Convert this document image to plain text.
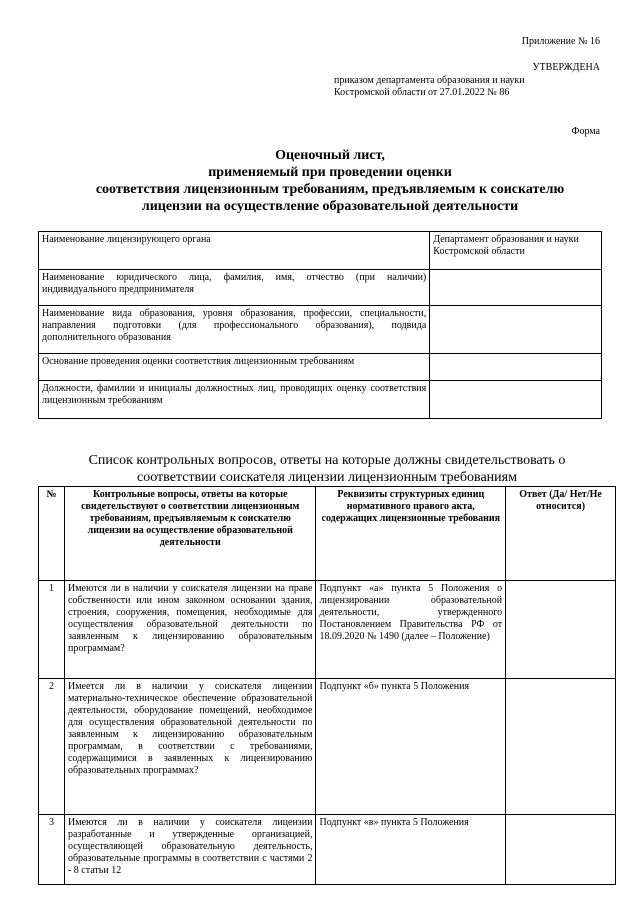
Приложение № 16
УТВЕРЖДЕНА
приказом департамента образования и науки
Костромской области от 27.01.2022 № 86
Форма
Оценочный лист,
применяемый при проведении оценки
соответствия лицензионным требованиям, предъявляемым к соискателю
лицензии на осуществление образовательной деятельности
Наименование лицензирующего органа	Департамент образования и науки Костромской области
Наименование юридического лица, фамилия, имя, отчество (при наличии) индивидуального предпринимателя	
Наименование вида образования, уровня образования, профессии, специальности, направления подготовки (для профессионального образования), подвида дополнительного образования	
Основание проведения оценки соответствия лицензионным требованиям	
Должности, фамилии и инициалы должностных лиц, проводящих оценку соответствия лицензионным требованиям	
Список контрольных вопросов, ответы на которые должны свидетельствовать о
соответствии соискателя лицензии лицензионным требованиям
№	Контрольные вопросы, ответы на которые свидетельствуют о соответствии лицензионным требованиям, предъявляемым к соискателю лицензии на осуществление образовательной деятельности	Реквизиты структурных единиц нормативного правого акта, содержащих лицензионные требования	Ответ (Да/ Нет/Не относится)
1	Имеются ли в наличии у соискателя лицензии на праве собственности или ином законном основании здания, строения, сооружения, помещения, необходимые для осуществления образовательной деятельности по заявленным к лицензированию образовательным программам?	Подпункт «а» пункта 5 Положения о лицензировании образовательной деятельности, утвержденного Постановлением Правительства РФ от 18.09.2020 № 1490 (далее – Положение)	
2	Имеется ли в наличии у соискателя лицензии материально-техническое обеспечение образовательной деятельности, оборудование помещений, необходимое для осуществления образовательной деятельности по заявленным к лицензированию образовательным программам, в соответствии с требованиями, содержащимися в заявленных к лицензированию образовательных программах?	Подпункт «б» пункта 5 Положения	
3	Имеются ли в наличии у соискателя лицензии разработанные и утвержденные организацией, осуществляющей образовательную деятельность, образовательные программы в соответствии с частями 2 - 8 статьи 12	Подпункт «в» пункта 5 Положения	
